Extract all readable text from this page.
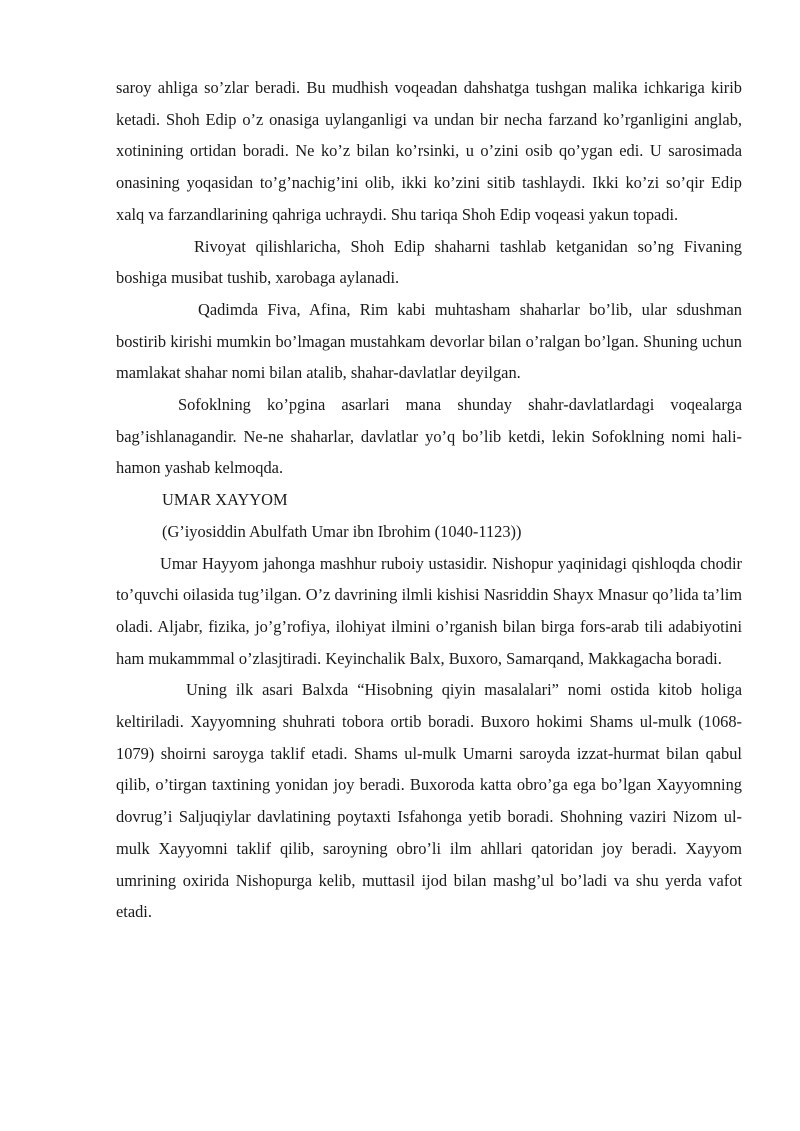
saroy ahliga so’zlar beradi. Bu mudhish voqeadan dahshatga tushgan malika ichkariga kirib ketadi. Shoh Edip o’z onasiga uylanganligi va undan bir necha farzand ko’rganligini anglab, xotinining ortidan boradi. Ne ko’z bilan ko’rsinki, u o’zini osib qo’ygan edi. U sarosimada onasining yoqasidan to’g’nachig’ini olib, ikki ko’zini sitib tashlaydi. Ikki ko’zi so’qir Edip xalq va farzandlarining qahriga uchraydi. Shu tariqa Shoh Edip voqeasi yakun topadi.

Rivoyat qilishlaricha, Shoh Edip shaharni tashlab ketganidan so’ng Fivaning boshiga musibat tushib, xarobaga aylanadi.

Qadimda Fiva, Afina, Rim kabi muhtasham shaharlar bo’lib, ular sdushman bostirib kirishi mumkin bo’lmagan mustahkam devorlar bilan o’ralgan bo’lgan. Shuning uchun mamlakat shahar nomi bilan atalib, shahar-davlatlar deyilgan.

Sofoklning ko’pgina asarlari mana shunday shahr-davlatlardagi voqealarga bag’ishlanagandir. Ne-ne shaharlar, davlatlar yo’q bo’lib ketdi, lekin Sofoklning nomi hali-hamon yashab kelmoqda.

UMAR XAYYOM

(G’iyosiddin Abulfath Umar ibn Ibrohim (1040-1123))

Umar Hayyom jahonga mashhur ruboiy ustasidir. Nishopur yaqinidagi qishloqda chodir to’quvchi oilasida tug’ilgan. O’z davrining ilmli kishisi Nasriddin Shayx Mnasur qo’lida ta’lim oladi. Aljabr, fizika, jo’g’rofiya, ilohiyat ilmini o’rganish bilan birga fors-arab tili adabiyotini ham mukammmal o’zlasjtiradi. Keyinchalik Balx, Buxoro, Samarqand, Makkagacha boradi.

Uning ilk asari Balxda “Hisobning qiyin masalalari” nomi ostida kitob holiga keltiriladi. Xayyomning shuhrati tobora ortib boradi. Buxoro hokimi Shams ul-mulk (1068-1079) shoirni saroyga taklif etadi. Shams ul-mulk Umarni saroyda izzat-hurmat bilan qabul qilib, o’tirgan taxtining yonidan joy beradi. Buxoroda katta obro’ga ega bo’lgan Xayyomning dovrug’i Saljuqiylar davlatining poytaxti Isfahonga yetib boradi. Shohning vaziri Nizom ul-mulk Xayyomni taklif qilib, saroyning obro’li ilm ahllari qatoridan joy beradi. Xayyom umrining oxirida Nishopurga kelib, muttasil ijod bilan mashg’ul bo’ladi va shu yerda vafot etadi.
